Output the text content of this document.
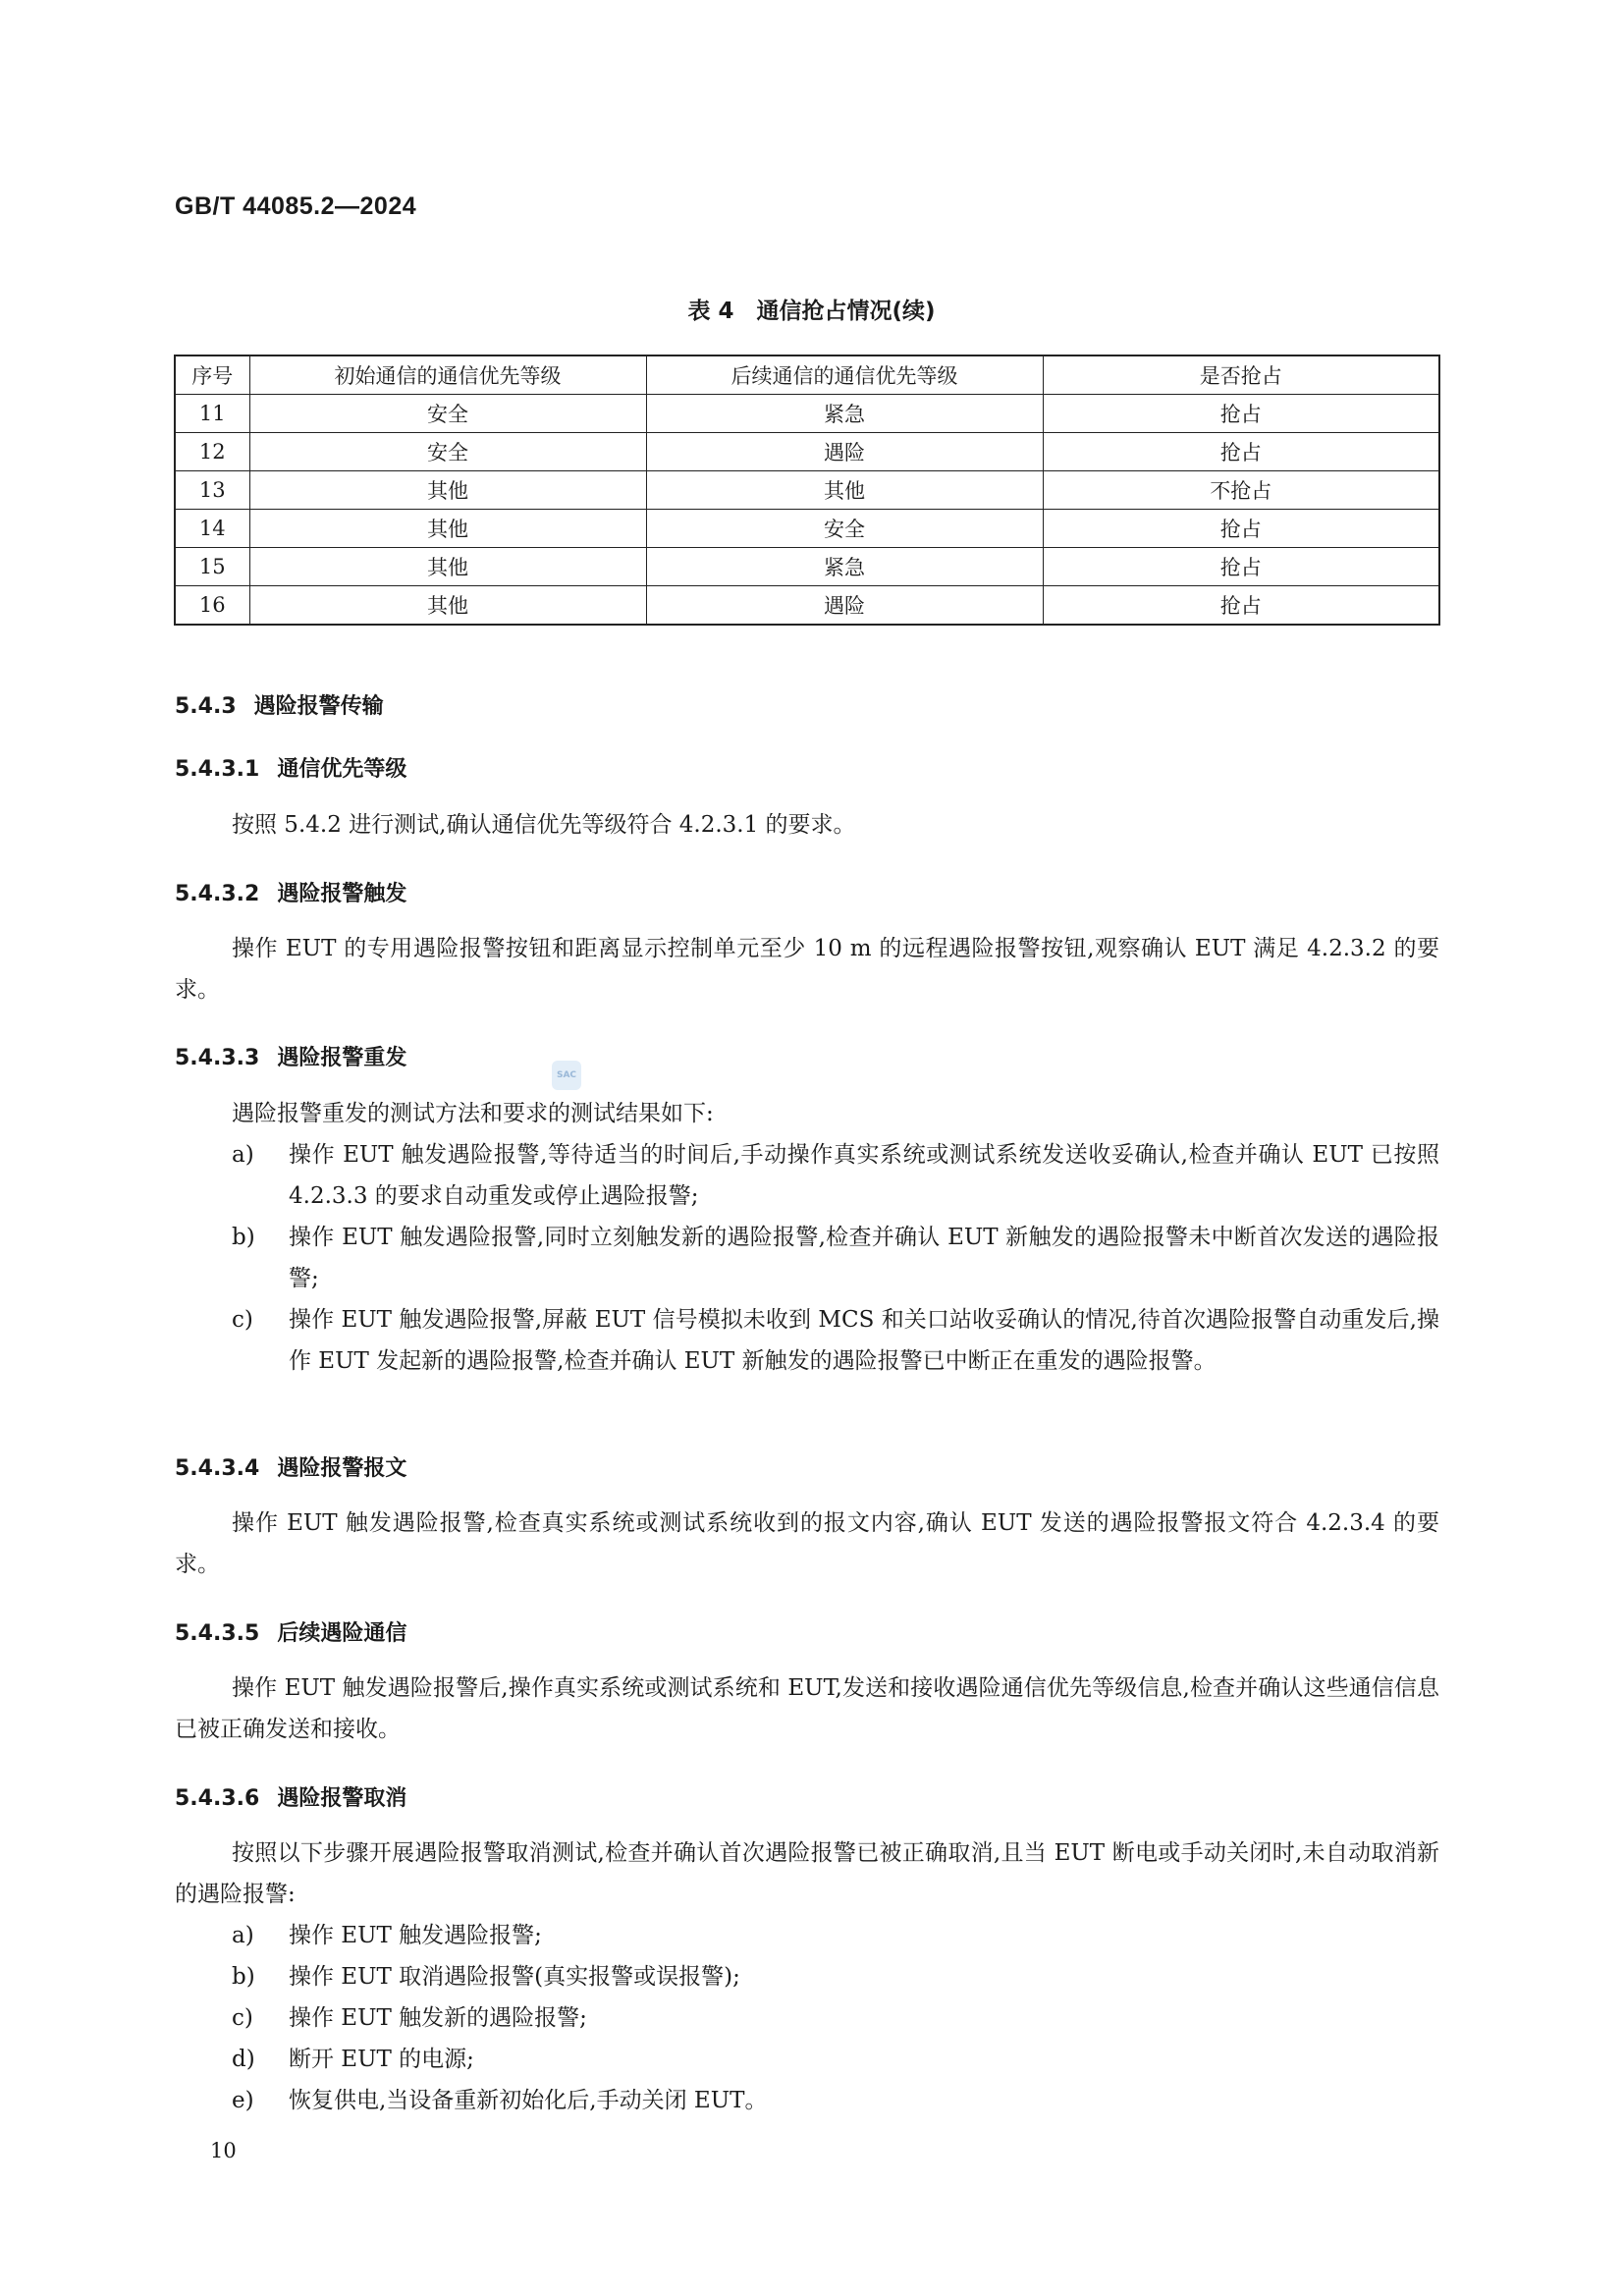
GB/T 44085.2—2024
表 4　通信抢占情况(续)
序号	初始通信的通信优先等级	后续通信的通信优先等级	是否抢占
11	安全	紧急	抢占
12	安全	遇险	抢占
13	其他	其他	不抢占
14	其他	安全	抢占
15	其他	紧急	抢占
16	其他	遇险	抢占
5.4.3 遇险报警传输
5.4.3.1 通信优先等级
按照 5.4.2 进行测试,确认通信优先等级符合 4.2.3.1 的要求。
5.4.3.2 遇险报警触发
操作 EUT 的专用遇险报警按钮和距离显示控制单元至少 10 m 的远程遇险报警按钮,观察确认 EUT 满足 4.2.3.2 的要求。
5.4.3.3 遇险报警重发
SAC
遇险报警重发的测试方法和要求的测试结果如下:
a) 操作 EUT 触发遇险报警,等待适当的时间后,手动操作真实系统或测试系统发送收妥确认,检查并确认 EUT 已按照 4.2.3.3 的要求自动重发或停止遇险报警;
b) 操作 EUT 触发遇险报警,同时立刻触发新的遇险报警,检查并确认 EUT 新触发的遇险报警未中断首次发送的遇险报警;
c) 操作 EUT 触发遇险报警,屏蔽 EUT 信号模拟未收到 MCS 和关口站收妥确认的情况,待首次遇险报警自动重发后,操作 EUT 发起新的遇险报警,检查并确认 EUT 新触发的遇险报警已中断正在重发的遇险报警。
5.4.3.4 遇险报警报文
操作 EUT 触发遇险报警,检查真实系统或测试系统收到的报文内容,确认 EUT 发送的遇险报警报文符合 4.2.3.4 的要求。
5.4.3.5 后续遇险通信
操作 EUT 触发遇险报警后,操作真实系统或测试系统和 EUT,发送和接收遇险通信优先等级信息,检查并确认这些通信信息已被正确发送和接收。
5.4.3.6 遇险报警取消
按照以下步骤开展遇险报警取消测试,检查并确认首次遇险报警已被正确取消,且当 EUT 断电或手动关闭时,未自动取消新的遇险报警:
a) 操作 EUT 触发遇险报警;
b) 操作 EUT 取消遇险报警(真实报警或误报警);
c) 操作 EUT 触发新的遇险报警;
d) 断开 EUT 的电源;
e) 恢复供电,当设备重新初始化后,手动关闭 EUT。
10
